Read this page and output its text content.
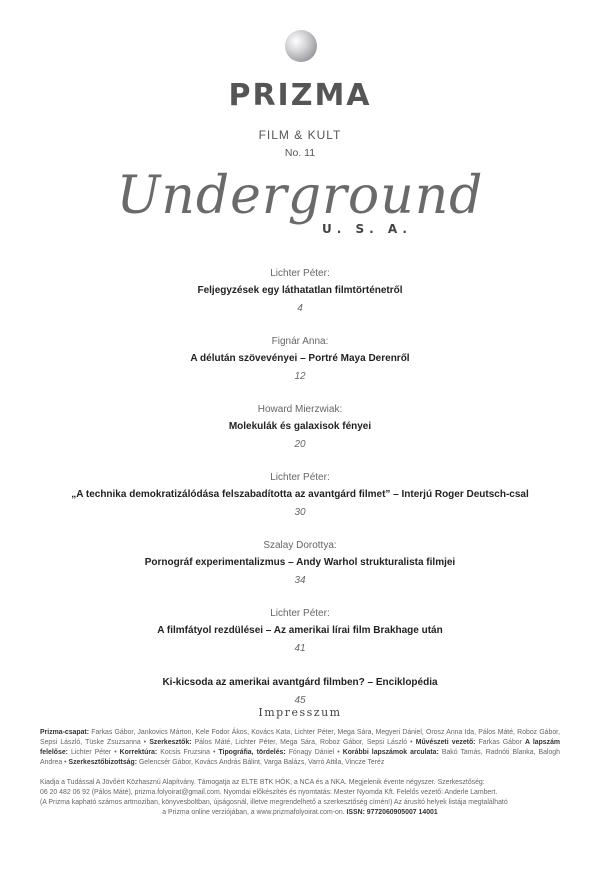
PRIZMA
FILM & KULT
No. 11
Underground
U. S. A.
Lichter Péter:
Feljegyzések egy láthatatlan filmtörténetről
4
Fignár Anna:
A délután szövevényei – Portré Maya Derenről
12
Howard Mierzwiak:
Molekulák és galaxisok fényei
20
Lichter Péter:
„A technika demokratizálódása felszabadította az avantgárd filmet” – Interjú Roger Deutsch-csal
30
Szalay Dorottya:
Pornográf experimentalizmus – Andy Warhol strukturalista filmjei
34
Lichter Péter:
A filmfátyol rezdülései – Az amerikai lírai film Brakhage után
41
Ki-kicsoda az amerikai avantgárd filmben? – Enciklopédia
45
Impresszum
Prizma-csapat: Farkas Gábor, Jankovics Márton, Kele Fodor Ákos, Kovács Kata, Lichter Péter, Mega Sára, Megyeri Dániel, Orosz Anna Ida, Pálos Máté, Roboz Gábor, Sepsi László, Tüske Zsuzsanna • Szerkesztők: Pálos Máté, Lichter Péter, Mega Sára, Roboz Gábor, Sepsi László • Művészeti vezető: Farkas Gábor A lapszám felelőse: Lichter Péter • Korrektúra: Kocsis Fruzsina • Tipográfia, tördelés: Fónagy Dániel • Korábbi lapszámok arculata: Bakó Tamás, Radnóti Blanka, Balogh Andrea • Szerkesztőbizottság: Gelencsér Gábor, Kovács András Bálint, Varga Balázs, Varró Attila, Vincze Teréz
Kiadja a Tudással A Jövőért Közhasznú Alapítvány. Támogatja az ELTE BTK HÖK, a NCA és a NKA. Megjelenik évente négyszer. Szerkesztőség:
06 20 482 06 92 (Pálos Máté), prizma.folyoirat@gmail.com. Nyomdai előkészítés és nyomtatás: Mester Nyomda Kft. Felelős vezető: Anderle Lambert.
(A Prizma kapható számos artmoziban, könyvesboltban, újságosnál, illetve megrendelhető a szerkesztőség címén!) Az árusító helyek listája megtalálható
a Prizma online verziójában, a www.prizmafolyoirat.com-on. ISSN: 9772060905007 14001
